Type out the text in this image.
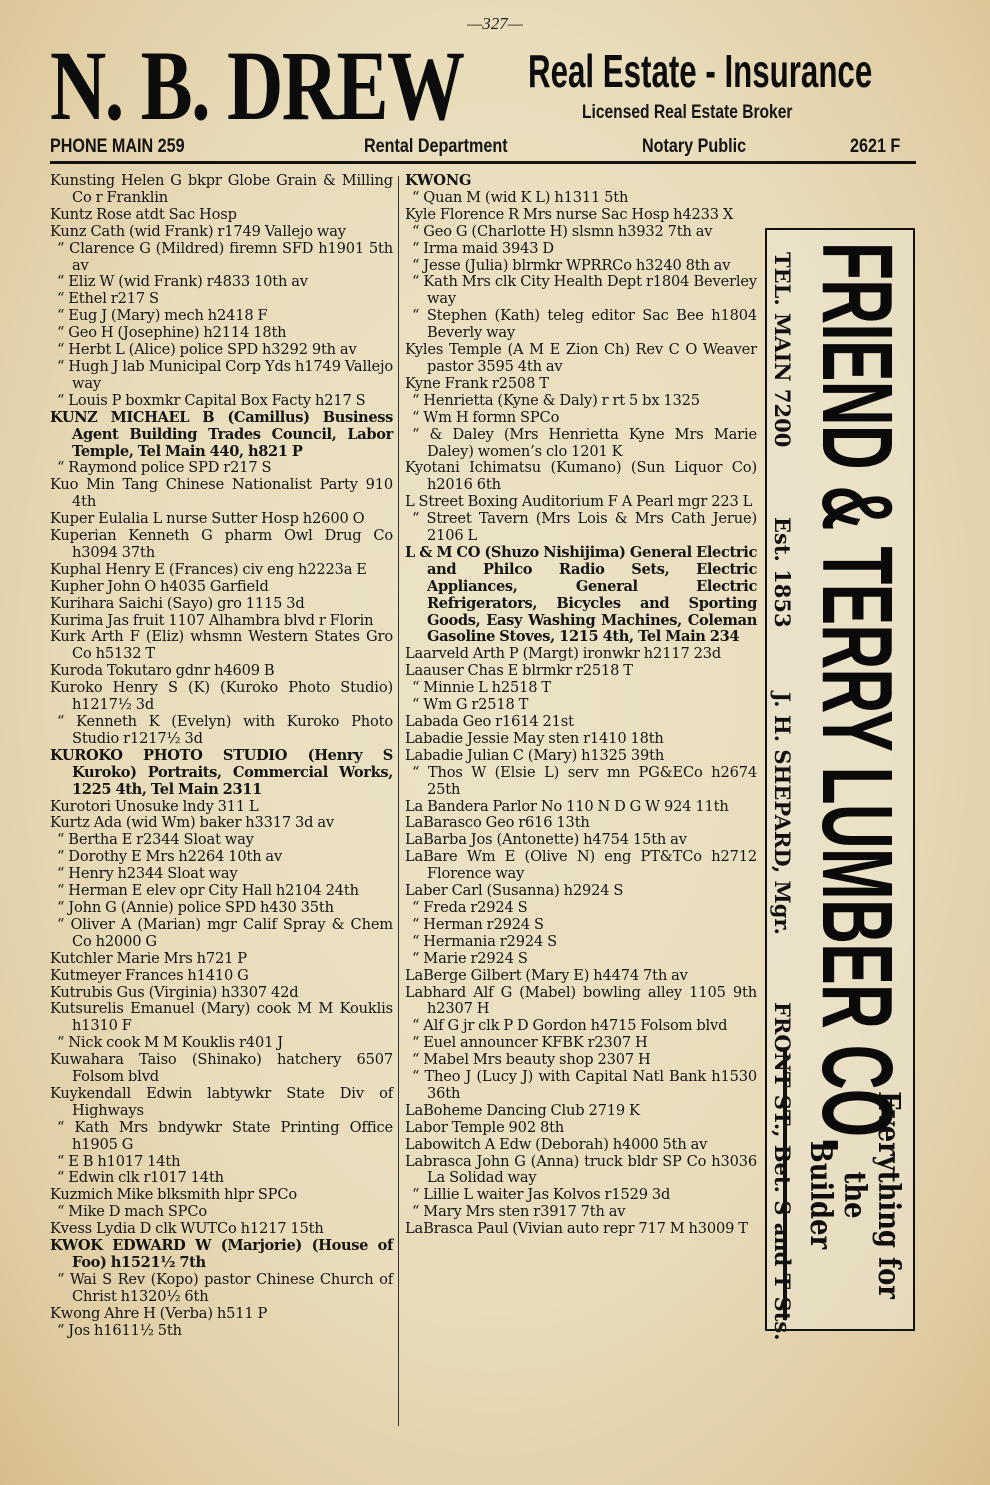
—327—
N. B. DREW Real Estate - Insurance
Licensed Real Estate Broker
PHONE MAIN 259	Rental Department	Notary Public	2621 F
Kunsting Helen G bkpr Globe Grain & Milling Co r Franklin
Kuntz Rose atdt Sac Hosp
Kunz Cath (wid Frank) r1749 Vallejo way
“ Clarence G (Mildred) firemn SFD h1901 5th av
“ Eliz W (wid Frank) r4833 10th av
“ Ethel r217 S
“ Eug J (Mary) mech h2418 F
“ Geo H (Josephine) h2114 18th
“ Herbt L (Alice) police SPD h3292 9th av
“ Hugh J lab Municipal Corp Yds h1749 Vallejo way
“ Louis P boxmkr Capital Box Facty h217 S
KUNZ MICHAEL B (Camillus) Business Agent Building Trades Council, Labor Temple, Tel Main 440, h821 P
“ Raymond police SPD r217 S
Kuo Min Tang Chinese Nationalist Party 910 4th
Kuper Eulalia L nurse Sutter Hosp h2600 O
Kuperian Kenneth G pharm Owl Drug Co h3094 37th
Kuphal Henry E (Frances) civ eng h2223a E
Kupher John O h4035 Garfield
Kurihara Saichi (Sayo) gro 1115 3d
Kurima Jas fruit 1107 Alhambra blvd r Florin
Kurk Arth F (Eliz) whsmn Western States Gro Co h5132 T
Kuroda Tokutaro gdnr h4609 B
Kuroko Henry S (K) (Kuroko Photo Studio) h1217½ 3d
“ Kenneth K (Evelyn) with Kuroko Photo Studio r1217½ 3d
KUROKO PHOTO STUDIO (Henry S Kuroko) Portraits, Commercial Works, 1225 4th, Tel Main 2311
Kurotori Unosuke lndy 311 L
Kurtz Ada (wid Wm) baker h3317 3d av
“ Bertha E r2344 Sloat way
“ Dorothy E Mrs h2264 10th av
“ Henry h2344 Sloat way
“ Herman E elev opr City Hall h2104 24th
“ John G (Annie) police SPD h430 35th
“ Oliver A (Marian) mgr Calif Spray & Chem Co h2000 G
Kutchler Marie Mrs h721 P
Kutmeyer Frances h1410 G
Kutrubis Gus (Virginia) h3307 42d
Kutsurelis Emanuel (Mary) cook M M Kouklis h1310 F
“ Nick cook M M Kouklis r401 J
Kuwahara Taiso (Shinako) hatchery 6507 Folsom blvd
Kuykendall Edwin labtywkr State Div of Highways
“ Kath Mrs bndywkr State Printing Office h1905 G
“ E B h1017 14th
“ Edwin clk r1017 14th
Kuzmich Mike blksmith hlpr SPCo
“ Mike D mach SPCo
Kvess Lydia D clk WUTCo h1217 15th
KWOK EDWARD W (Marjorie) (House of Foo) h1521½ 7th
“ Wai S Rev (Kopo) pastor Chinese Church of Christ h1320½ 6th
Kwong Ahre H (Verba) h511 P
“ Jos h1611½ 5th
KWONG
“ Quan M (wid K L) h1311 5th
Kyle Florence R Mrs nurse Sac Hosp h4233 X
“ Geo G (Charlotte H) slsmn h3932 7th av
“ Irma maid 3943 D
“ Jesse (Julia) blrmkr WPRRCo h3240 8th av
“ Kath Mrs clk City Health Dept r1804 Beverley way
“ Stephen (Kath) teleg editor Sac Bee h1804 Beverly way
Kyles Temple (A M E Zion Ch) Rev C O Weaver pastor 3595 4th av
Kyne Frank r2508 T
“ Henrietta (Kyne & Daly) r rt 5 bx 1325
“ Wm H formn SPCo
“ & Daley (Mrs Henrietta Kyne Mrs Marie Daley) women’s clo 1201 K
Kyotani Ichimatsu (Kumano) (Sun Liquor Co) h2016 6th
L Street Boxing Auditorium F A Pearl mgr 223 L
“ Street Tavern (Mrs Lois & Mrs Cath Jerue) 2106 L
L & M CO (Shuzo Nishijima) General Electric and Philco Radio Sets, Electric Appliances, General Electric Refrigerators, Bicycles and Sporting Goods, Easy Washing Machines, Coleman Gasoline Stoves, 1215 4th, Tel Main 234
Laarveld Arth P (Margt) ironwkr h2117 23d
Laauser Chas E blrmkr r2518 T
“ Minnie L h2518 T
“ Wm G r2518 T
Labada Geo r1614 21st
Labadie Jessie May sten r1410 18th
Labadie Julian C (Mary) h1325 39th
“ Thos W (Elsie L) serv mn PG&ECo h2674 25th
La Bandera Parlor No 110 N D G W 924 11th
LaBarasco Geo r616 13th
LaBarba Jos (Antonette) h4754 15th av
LaBare Wm E (Olive N) eng PT&TCo h2712 Florence way
Laber Carl (Susanna) h2924 S
“ Freda r2924 S
“ Herman r2924 S
“ Hermania r2924 S
“ Marie r2924 S
LaBerge Gilbert (Mary E) h4474 7th av
Labhard Alf G (Mabel) bowling alley 1105 9th h2307 H
“ Alf G jr clk P D Gordon h4715 Folsom blvd
“ Euel announcer KFBK r2307 H
“ Mabel Mrs beauty shop 2307 H
“ Theo J (Lucy J) with Capital Natl Bank h1530 36th
LaBoheme Dancing Club 2719 K
Labor Temple 902 8th
Labowitch A Edw (Deborah) h4000 5th av
Labrasca John G (Anna) truck bldr SP Co h3036 La Solidad way
“ Lillie L waiter Jas Kolvos r1529 3d
“ Mary Mrs sten r3917 7th av
LaBrasca Paul (Vivian auto repr 717 M h3009 T
FRIEND & TERRY LUMBER CO.
Everything for the
Builder
TEL. MAIN 7200
Est. 1853
J. H. SHEPARD, Mgr.
FRONT ST., Bet. S and T Sts.
